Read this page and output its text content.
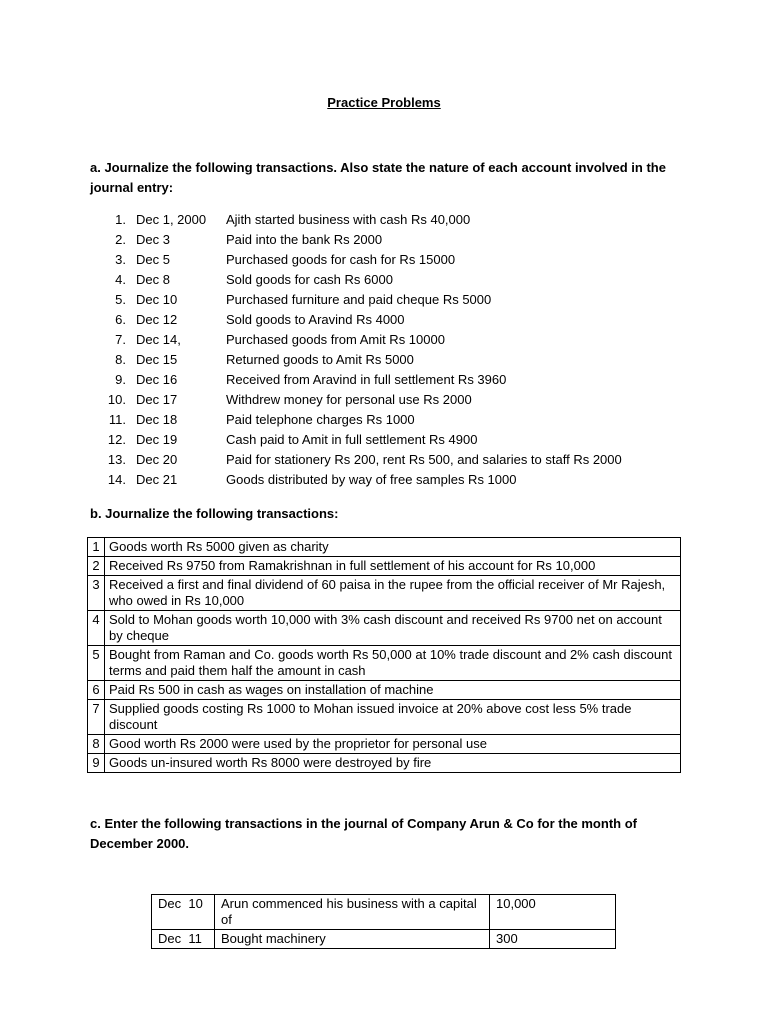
Practice Problems
a. Journalize the following transactions. Also state the nature of each account involved in the journal entry:
1. Dec 1, 2000 Ajith started business with cash Rs 40,000
2. Dec 3	Paid into the bank Rs 2000
3. Dec 5	Purchased goods for cash for Rs 15000
4. Dec 8	Sold goods for cash Rs 6000
5. Dec 10	Purchased furniture and paid cheque Rs 5000
6. Dec 12	Sold goods to Aravind Rs 4000
7. Dec 14,	Purchased goods from Amit Rs 10000
8. Dec 15	Returned goods to Amit Rs 5000
9. Dec 16	Received from Aravind in full settlement Rs 3960
10. Dec 17	Withdrew money for personal use Rs 2000
11. Dec 18	Paid telephone charges Rs 1000
12. Dec 19	Cash paid to Amit in full settlement Rs 4900
13. Dec 20	Paid for stationery Rs 200, rent Rs 500, and salaries to staff Rs 2000
14. Dec 21	Goods distributed by way of free samples Rs 1000
b. Journalize the following transactions:
1	Goods worth Rs 5000 given as charity
2	Received Rs 9750 from Ramakrishnan in full settlement of his account for Rs 10,000
3	Received a first and final dividend of 60 paisa in the rupee from the official receiver of Mr Rajesh, who owed in Rs 10,000
4	Sold to Mohan goods worth 10,000 with 3% cash discount and received Rs 9700 net on account by cheque
5	Bought from Raman and Co. goods worth Rs 50,000 at 10% trade discount and 2% cash discount terms and paid them half the amount in cash
6	Paid Rs 500 in cash as wages on installation of machine
7	Supplied goods costing Rs 1000 to Mohan issued invoice at 20% above cost less 5% trade discount
8	Good worth Rs 2000 were used by the proprietor for personal use
9	Goods un-insured worth Rs 8000 were destroyed by fire
c. Enter the following transactions in the journal of Company Arun & Co for the month of December 2000.
Dec  10	Arun commenced his business with a capital of	10,000
Dec  11	Bought machinery	300
